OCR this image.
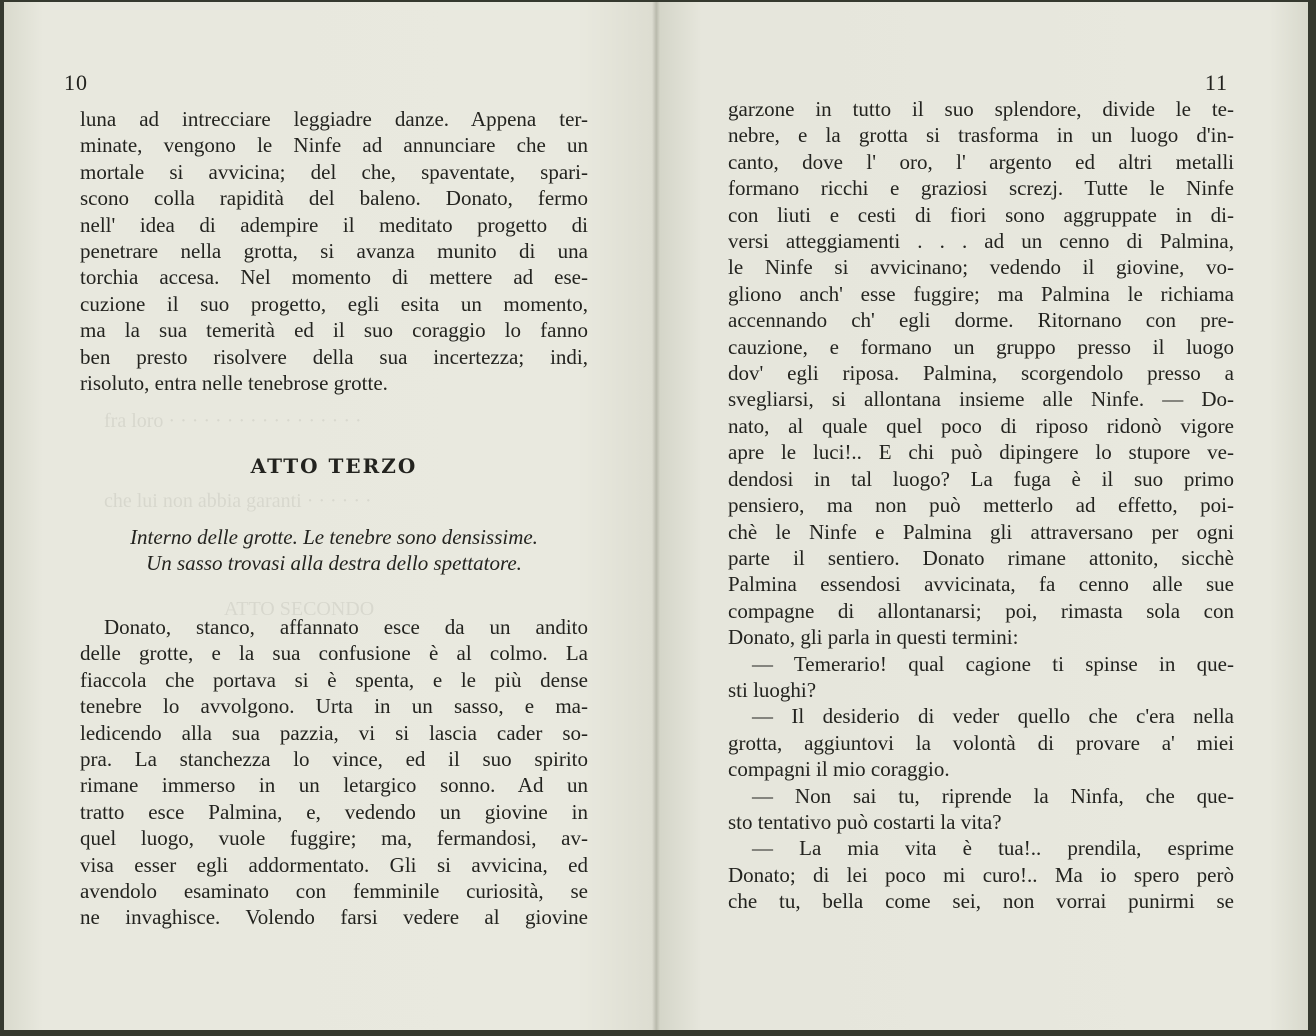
10
fra loro · · · · · · · · · · · · · · · · ·
che lui non abbia garanti · · · · · ·
ATTO SECONDO
luna ad intrecciare leggiadre danze. Appena ter-
minate, vengono le Ninfe ad annunciare che un
mortale si avvicina; del che, spaventate, spari-
scono colla rapidità del baleno. Donato, fermo
nell' idea di adempire il meditato progetto di
penetrare nella grotta, si avanza munito di una
torchia accesa. Nel momento di mettere ad ese-
cuzione il suo progetto, egli esita un momento,
ma la sua temerità ed il suo coraggio lo fanno
ben presto risolvere della sua incertezza; indi,
risoluto, entra nelle tenebrose grotte.
ATTO TERZO
Interno delle grotte. Le tenebre sono densissime.
Un sasso trovasi alla destra dello spettatore.
Donato, stanco, affannato esce da un andito
delle grotte, e la sua confusione è al colmo. La
fiaccola che portava si è spenta, e le più dense
tenebre lo avvolgono. Urta in un sasso, e ma-
ledicendo alla sua pazzia, vi si lascia cader so-
pra. La stanchezza lo vince, ed il suo spirito
rimane immerso in un letargico sonno. Ad un
tratto esce Palmina, e, vedendo un giovine in
quel luogo, vuole fuggire; ma, fermandosi, av-
visa esser egli addormentato. Gli si avvicina, ed
avendolo esaminato con femminile curiosità, se
ne invaghisce. Volendo farsi vedere al giovine
11
garzone in tutto il suo splendore, divide le te-
nebre, e la grotta si trasforma in un luogo d'in-
canto, dove l' oro, l' argento ed altri metalli
formano ricchi e graziosi screzj. Tutte le Ninfe
con liuti e cesti di fiori sono aggruppate in di-
versi atteggiamenti . . . ad un cenno di Palmina,
le Ninfe si avvicinano; vedendo il giovine, vo-
gliono anch' esse fuggire; ma Palmina le richiama
accennando ch' egli dorme. Ritornano con pre-
cauzione, e formano un gruppo presso il luogo
dov' egli riposa. Palmina, scorgendolo presso a
svegliarsi, si allontana insieme alle Ninfe. — Do-
nato, al quale quel poco di riposo ridonò vigore
apre le luci!.. E chi può dipingere lo stupore ve-
dendosi in tal luogo? La fuga è il suo primo
pensiero, ma non può metterlo ad effetto, poi-
chè le Ninfe e Palmina gli attraversano per ogni
parte il sentiero. Donato rimane attonito, sicchè
Palmina essendosi avvicinata, fa cenno alle sue
compagne di allontanarsi; poi, rimasta sola con
Donato, gli parla in questi termini:
— Temerario! qual cagione ti spinse in que-
sti luoghi?
— Il desiderio di veder quello che c'era nella
grotta, aggiuntovi la volontà di provare a' miei
compagni il mio coraggio.
— Non sai tu, riprende la Ninfa, che que-
sto tentativo può costarti la vita?
— La mia vita è tua!.. prendila, esprime
Donato; di lei poco mi curo!.. Ma io spero però
che tu, bella come sei, non vorrai punirmi se
